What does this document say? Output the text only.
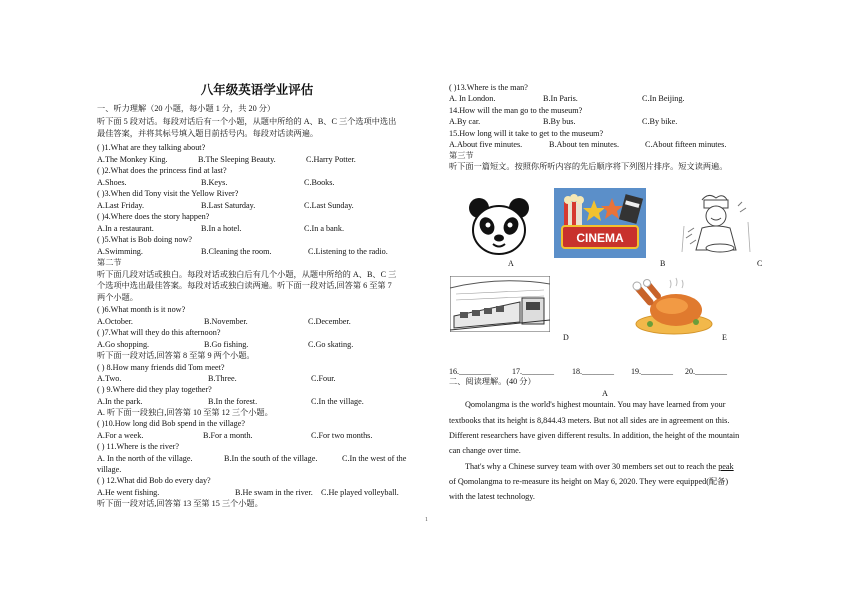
八年级英语学业评估
一、听力理解（20 小题，每小题 1 分，共 20 分）
听下面 5 段对话。每段对话后有一个小题，从题中所给的 A、B、C 三个选项中选出
最佳答案，并将其标号填入题目前括号内。每段对话读两遍。
( )1.What are they talking about?
A.The Monkey King.	B.The Sleeping Beauty.	C.Harry Potter.
( )2.What does the princess find at last?
A.Shoes.	B.Keys.	C.Books.
( )3.When did Tony visit the Yellow River?
A.Last Friday.	B.Last Saturday.	C.Last Sunday.
( )4.Where does the story happen?
A.In a restaurant.	B.In a hotel.	C.In a bank.
( )5.What is Bob doing now?
A.Swimming.	B.Cleaning the room.	C.Listening to the radio.
第二节
听下面几段对话或独白。每段对话或独白后有几个小题，从题中所给的 A、B、C 三
个选项中选出最佳答案。每段对话或独白读两遍。听下面一段对话,回答第 6 至第 7
两个小题。
( )6.What month is it now?
A.October.	B.November.	C.December.
( )7.What will they do this afternoon?
A.Go shopping.	B.Go fishing.	C.Go skating.
听下面一段对话,回答第 8 至第 9 两个小题。
( ) 8.How many friends did Tom meet?
A.Two.	B.Three.	C.Four.
( ) 9.Where did they play together?
A.In the park.	B.In the forest.	C.In the village.
A. 听下面一段独白,回答第 10 至第 12 三个小题。
( )10.How long did Bob spend in the village?
A.For a week.	B.For a month.	C.For two months.
( ) 11.Where is the river?
A. In the north of the village.	B.In the south of the village.	C.In the west of the
village.
( ) 12.What did Bob do every day?
A.He went fishing.	B.He swam in the river. C.He played volleyball.
听下面一段对话,回答第 13 至第 15 三个小题。
1
( )13.Where is the man?
A. In London.	B.In Paris.	C.In Beijing.
14.How will the man go to the museum?
A.By car.	B.By bus.	C.By bike.
15.How long will it take to get to the museum?
A.About five minutes.	B.About ten minutes.	C.About fifteen minutes.
第三节
听下面一篇短文。按照你所听内容的先后顺序将下列图片排序。短文读两遍。
A
CINEMA
B	C
D	E
16.________	17.________ 18.________ 19.________ 20.________
二、阅读理解。(40 分）
A
Qomolangma is the world's highest mountain. You may have learned from your
textbooks that its height is 8,844.43 meters. But not all sides are in agreement on this.
Different researchers have given different results. In addition, the height of the mountain
can change over time.
That's why a Chinese survey team with over 30 members set out to reach the peak
of Qomolangma to re-measure its height on May 6, 2020. They were equipped(配备)
with the latest technology.
